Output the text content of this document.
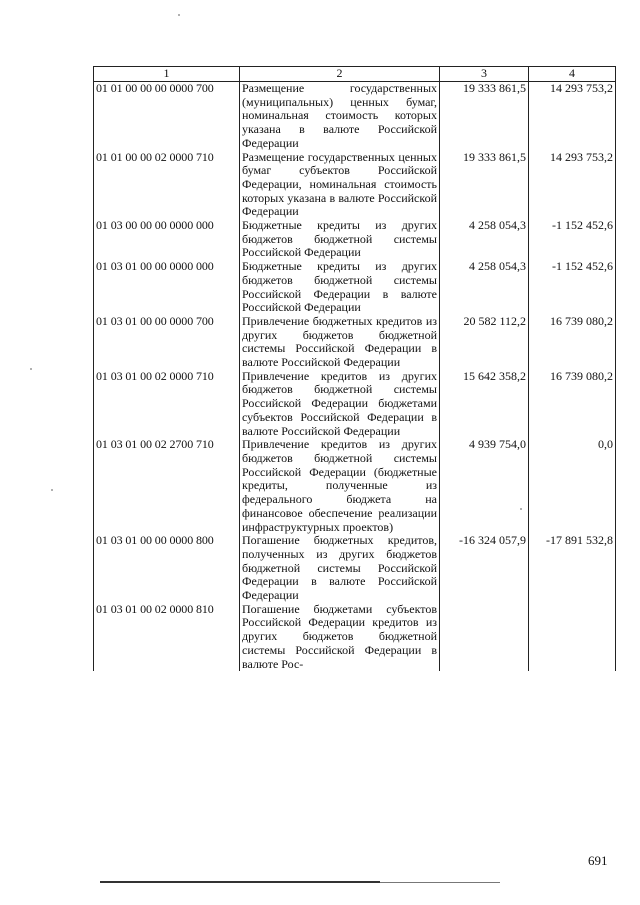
1	2	3	4
01 01 00 00 00 0000 700	Размещение государственных (муниципальных) ценных бумаг, номинальная стоимость которых указана в валюте Российской Федерации	19 333 861,5	14 293 753,2
01 01 00 00 02 0000 710	Размещение государственных ценных бумаг субъектов Российской Федерации, номинальная стоимость которых указана в валюте Российской Федерации	19 333 861,5	14 293 753,2
01 03 00 00 00 0000 000	Бюджетные кредиты из других бюджетов бюджетной системы Российской Федерации	4 258 054,3	-1 152 452,6
01 03 01 00 00 0000 000	Бюджетные кредиты из других бюджетов бюджетной системы Российской Федерации в валюте Российской Федерации	4 258 054,3	-1 152 452,6
01 03 01 00 00 0000 700	Привлечение бюджетных кредитов из других бюджетов бюджетной системы Российской Федерации в валюте Российской Федерации	20 582 112,2	16 739 080,2
01 03 01 00 02 0000 710	Привлечение кредитов из других бюджетов бюджетной системы Российской Федерации бюджетами субъектов Российской Федерации в валюте Российской Федерации	15 642 358,2	16 739 080,2
01 03 01 00 02 2700 710	Привлечение кредитов из других бюджетов бюджетной системы Российской Федерации (бюджетные кредиты, полученные из федерального бюджета на финансовое обеспечение реализации инфраструктурных проектов)	4 939 754,0	0,0
01 03 01 00 00 0000 800	Погашение бюджетных кредитов, полученных из других бюджетов бюджетной системы Российской Федерации в валюте Российской Федерации	-16 324 057,9	-17 891 532,8
01 03 01 00 02 0000 810	Погашение бюджетами субъектов Российской Федерации кредитов из других бюджетов бюджетной системы Российской Федерации в валюте Рос-		
691
